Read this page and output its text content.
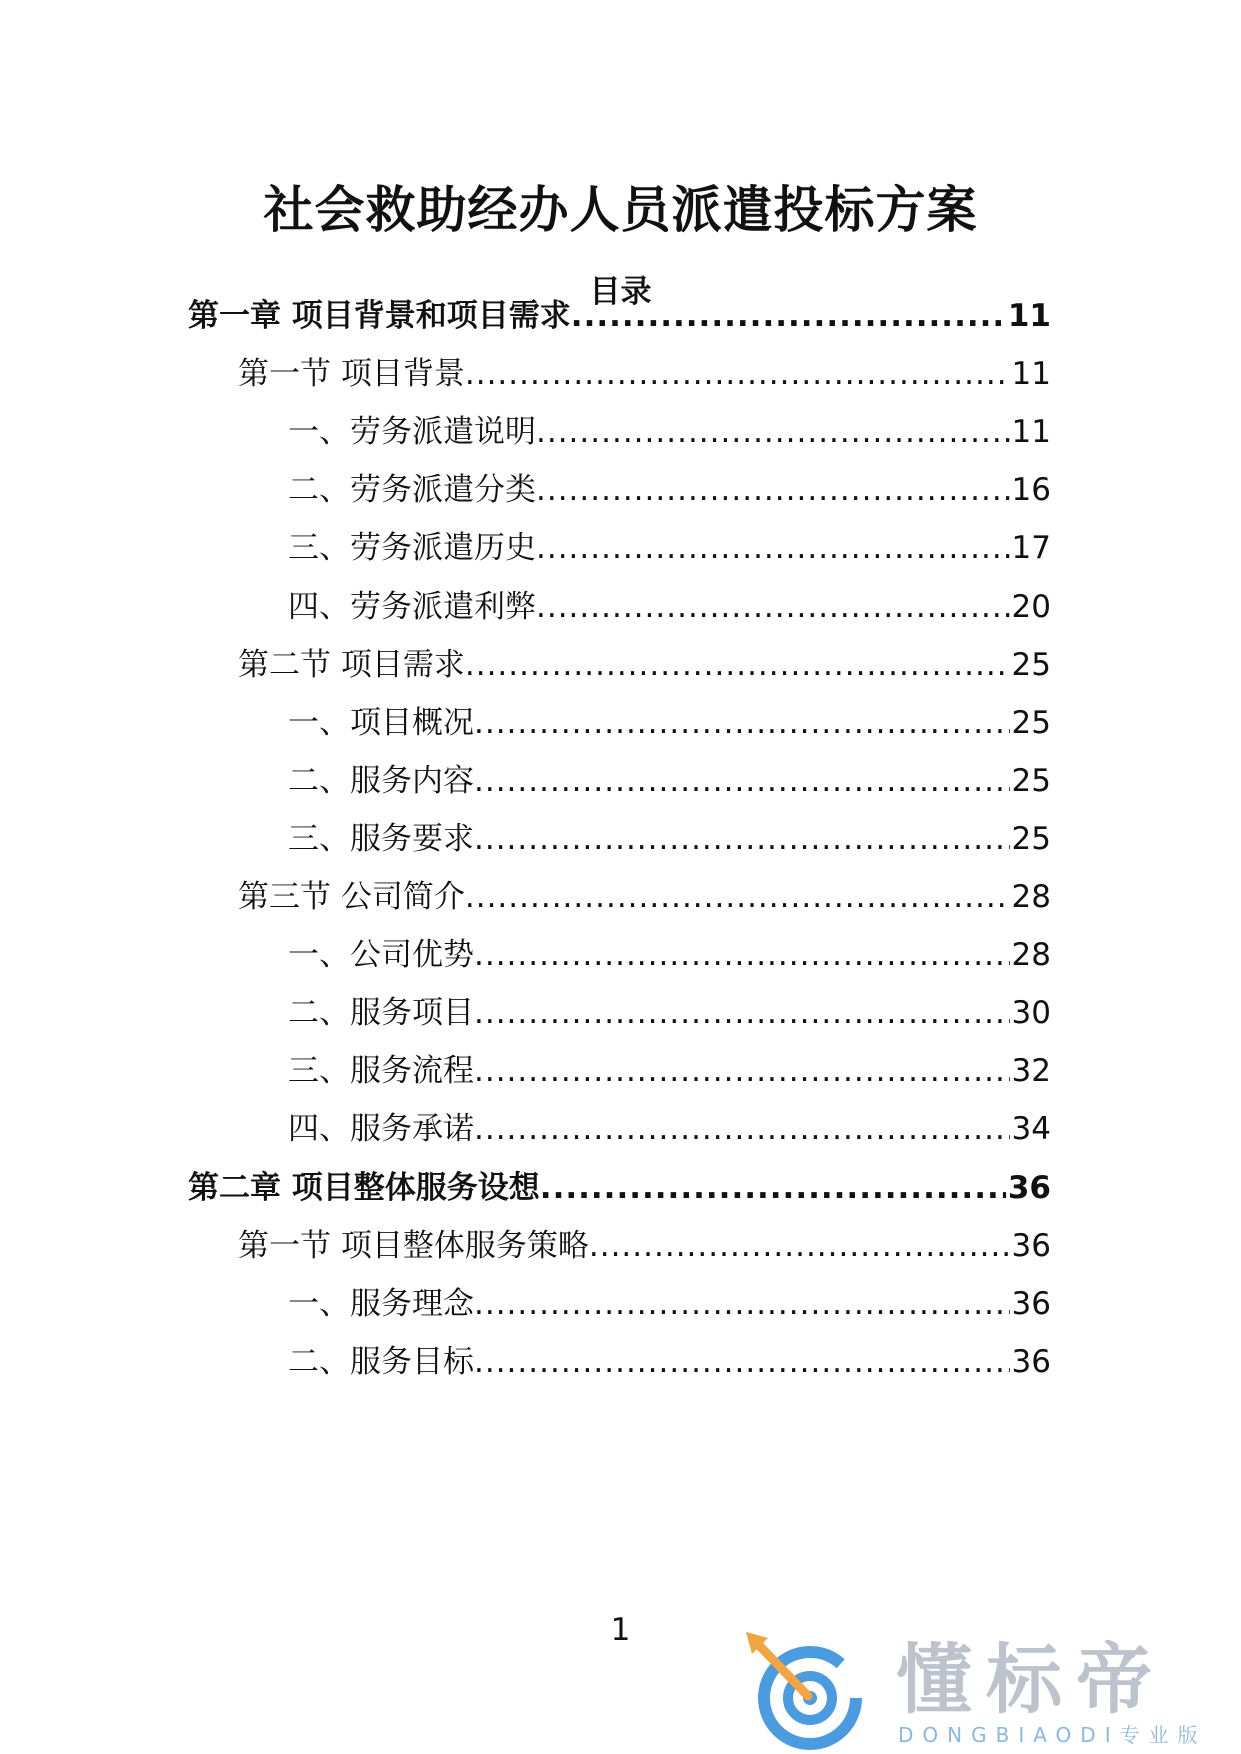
社会救助经办人员派遣投标方案
目录
第一章 项目背景和项目需求 .....	11
第一节 项目背景 .....	11
一、劳务派遣说明 .....	11
二、劳务派遣分类 .....	16
三、劳务派遣历史 .....	17
四、劳务派遣利弊 .....	20
第二节 项目需求 .....	25
一、项目概况 .....	25
二、服务内容 .....	25
三、服务要求 .....	25
第三节 公司简介 .....	28
一、公司优势 .....	28
二、服务项目 .....	30
三、服务流程 .....	32
四、服务承诺 .....	34
第二章 项目整体服务设想 .....	36
第一节 项目整体服务策略 .....	36
一、服务理念 .....	36
二、服务目标 .....	36
1
懂标帝
DONGBIAODI专业版
